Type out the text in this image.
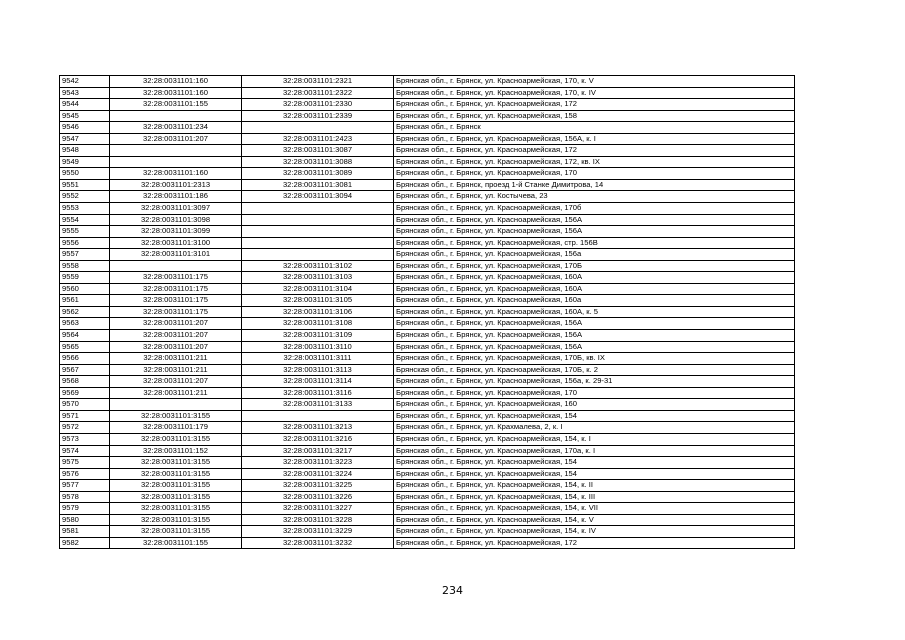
9542	32:28:0031101:160	32:28:0031101:2321	Брянская обл., г. Брянск, ул. Красноармейская, 170, к. V
9543	32:28:0031101:160	32:28:0031101:2322	Брянская обл., г. Брянск, ул. Красноармейская, 170, к. IV
9544	32:28:0031101:155	32:28:0031101:2330	Брянская обл., г. Брянск, ул. Красноармейская, 172
9545		32:28:0031101:2339	Брянская обл., г. Брянск, ул. Красноармейская, 158
9546	32:28:0031101:234		Брянская обл., г. Брянск
9547	32:28:0031101:207	32:28:0031101:2423	Брянская обл., г. Брянск, ул. Красноармейская, 156А, к. I
9548		32:28:0031101:3087	Брянская обл., г. Брянск, ул. Красноармейская, 172
9549		32:28:0031101:3088	Брянская обл., г. Брянск, ул. Красноармейская, 172, кв. IX
9550	32:28:0031101:160	32:28:0031101:3089	Брянская обл., г. Брянск, ул. Красноармейская, 170
9551	32:28:0031101:2313	32:28:0031101:3081	Брянская обл., г. Брянск, проезд 1-й Станке Димитрова, 14
9552	32:28:0031101:186	32:28:0031101:3094	Брянская обл., г. Брянск, ул. Костычева, 23
9553	32:28:0031101:3097		Брянская обл., г. Брянск, ул. Красноармейская, 170б
9554	32:28:0031101:3098		Брянская обл., г. Брянск, ул. Красноармейская, 156А
9555	32:28:0031101:3099		Брянская обл., г. Брянск, ул. Красноармейская, 156А
9556	32:28:0031101:3100		Брянская обл., г. Брянск, ул. Красноармейская, стр. 156В
9557	32:28:0031101:3101		Брянская обл., г. Брянск, ул. Красноармейская, 156а
9558		32:28:0031101:3102	Брянская обл., г. Брянск, ул. Красноармейская, 170Б
9559	32:28:0031101:175	32:28:0031101:3103	Брянская обл., г. Брянск, ул. Красноармейская, 160А
9560	32:28:0031101:175	32:28:0031101:3104	Брянская обл., г. Брянск, ул. Красноармейская, 160А
9561	32:28:0031101:175	32:28:0031101:3105	Брянская обл., г. Брянск, ул. Красноармейская, 160а
9562	32:28:0031101:175	32:28:0031101:3106	Брянская обл., г. Брянск, ул. Красноармейская, 160А, к. 5
9563	32:28:0031101:207	32:28:0031101:3108	Брянская обл., г. Брянск, ул. Красноармейская, 156А
9564	32:28:0031101:207	32:28:0031101:3109	Брянская обл., г. Брянск, ул. Красноармейская, 156А
9565	32:28:0031101:207	32:28:0031101:3110	Брянская обл., г. Брянск, ул. Красноармейская, 156А
9566	32:28:0031101:211	32:28:0031101:3111	Брянская обл., г. Брянск, ул. Красноармейская, 170Б, кв. IX
9567	32:28:0031101:211	32:28:0031101:3113	Брянская обл., г. Брянск, ул. Красноармейская, 170Б, к. 2
9568	32:28:0031101:207	32:28:0031101:3114	Брянская обл., г. Брянск, ул. Красноармейская, 156а, к. 29-31
9569	32:28:0031101:211	32:28:0031101:3116	Брянская обл., г. Брянск, ул. Красноармейская, 170
9570		32:28:0031101:3133	Брянская обл., г. Брянск, ул. Красноармейская, 160
9571	32:28:0031101:3155		Брянская обл., г. Брянск, ул. Красноармейская, 154
9572	32:28:0031101:179	32:28:0031101:3213	Брянская обл., г. Брянск, ул. Крахмалева, 2, к. I
9573	32:28:0031101:3155	32:28:0031101:3216	Брянская обл., г. Брянск, ул. Красноармейская, 154, к. I
9574	32:28:0031101:152	32:28:0031101:3217	Брянская обл., г. Брянск, ул. Красноармейская, 170а, к. I
9575	32:28:0031101:3155	32:28:0031101:3223	Брянская обл., г. Брянск, ул. Красноармейская, 154
9576	32:28:0031101:3155	32:28:0031101:3224	Брянская обл., г. Брянск, ул. Красноармейская, 154
9577	32:28:0031101:3155	32:28:0031101:3225	Брянская обл., г. Брянск, ул. Красноармейская, 154, к. II
9578	32:28:0031101:3155	32:28:0031101:3226	Брянская обл., г. Брянск, ул. Красноармейская, 154, к. III
9579	32:28:0031101:3155	32:28:0031101:3227	Брянская обл., г. Брянск, ул. Красноармейская, 154, к. VII
9580	32:28:0031101:3155	32:28:0031101:3228	Брянская обл., г. Брянск, ул. Красноармейская, 154, к. V
9581	32:28:0031101:3155	32:28:0031101:3229	Брянская обл., г. Брянск, ул. Красноармейская, 154, к. IV
9582	32:28:0031101:155	32:28:0031101:3232	Брянская обл., г. Брянск, ул. Красноармейская, 172
234
